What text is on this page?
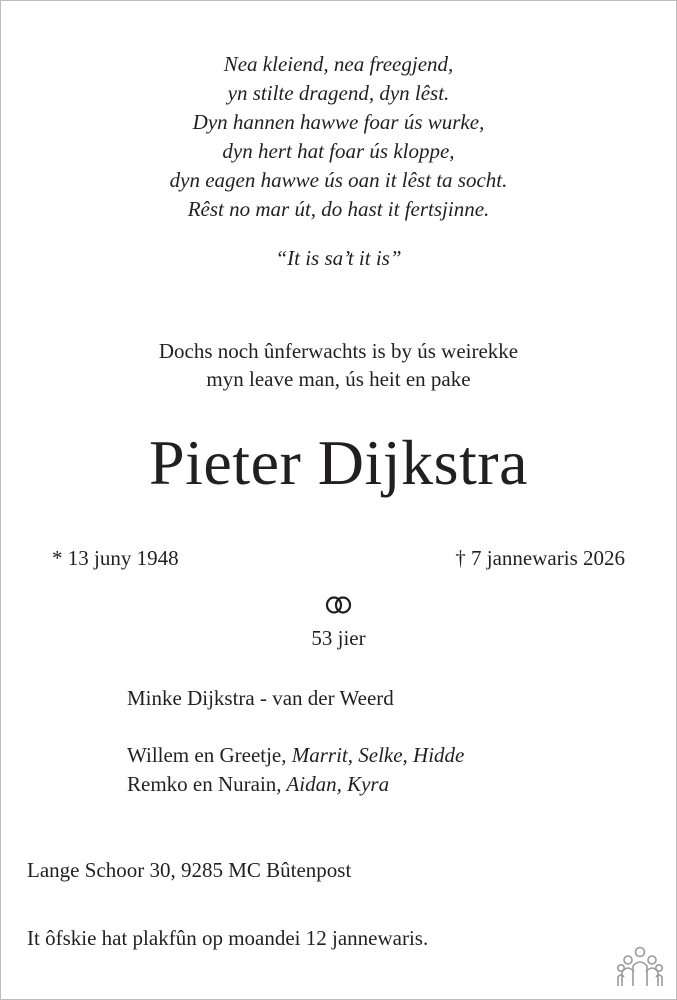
Nea kleiend, nea freegjend,
yn stilte dragend, dyn lêst.
Dyn hannen hawwe foar ús wurke,
dyn hert hat foar ús kloppe,
dyn eagen hawwe ús oan it lêst ta socht.
Rêst no mar út, do hast it fertsjinne.
“It is sa’t it is”
Dochs noch ûnferwachts is by ús weirekke
myn leave man, ús heit en pake
Pieter Dijkstra
* 13 juny 1948	† 7 jannewaris 2026
53 jier
Minke Dijkstra - van der Weerd
Willem en Greetje, Marrit, Selke, Hidde
Remko en Nurain, Aidan, Kyra
Lange Schoor 30, 9285 MC Bûtenpost
It ôfskie hat plakfûn op moandei 12 jannewaris.
